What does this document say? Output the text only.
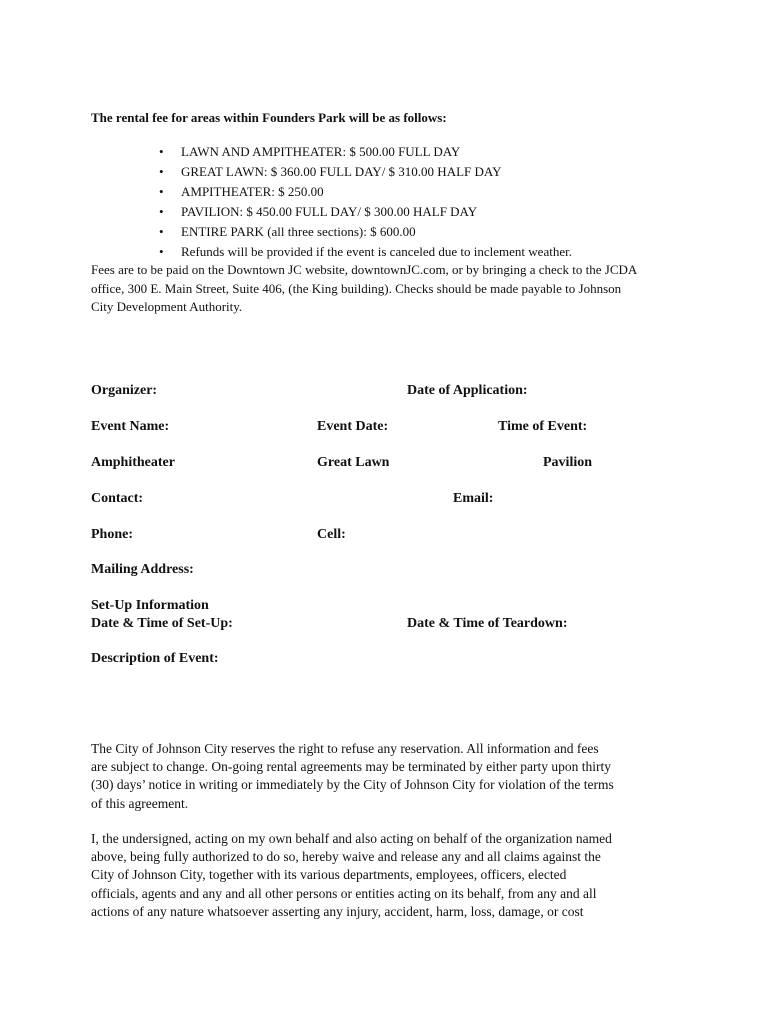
The rental fee for areas within Founders Park will be as follows:
• LAWN AND AMPITHEATER: $ 500.00 FULL DAY
• GREAT LAWN: $ 360.00 FULL DAY/ $ 310.00 HALF DAY
• AMPITHEATER: $ 250.00
• PAVILION: $ 450.00 FULL DAY/ $ 300.00 HALF DAY
• ENTIRE PARK (all three sections): $ 600.00
• Refunds will be provided if the event is canceled due to inclement weather.
Fees are to be paid on the Downtown JC website, downtownJC.com, or by bringing a check to the JCDA
office, 300 E. Main Street, Suite 406, (the King building). Checks should be made payable to Johnson
City Development Authority.
Organizer:	Date of Application:
Event Name:	Event Date:	Time of Event:
Amphitheater	Great Lawn	Pavilion
Contact:	Email:
Phone:	Cell:
Mailing Address:
Set-Up Information
Date & Time of Set-Up:	Date & Time of Teardown:
Description of Event:
The City of Johnson City reserves the right to refuse any reservation. All information and fees
are subject to change. On-going rental agreements may be terminated by either party upon thirty
(30) days’ notice in writing or immediately by the City of Johnson City for violation of the terms
of this agreement.
I, the undersigned, acting on my own behalf and also acting on behalf of the organization named
above, being fully authorized to do so, hereby waive and release any and all claims against the
City of Johnson City, together with its various departments, employees, officers, elected
officials, agents and any and all other persons or entities acting on its behalf, from any and all
actions of any nature whatsoever asserting any injury, accident, harm, loss, damage, or cost
